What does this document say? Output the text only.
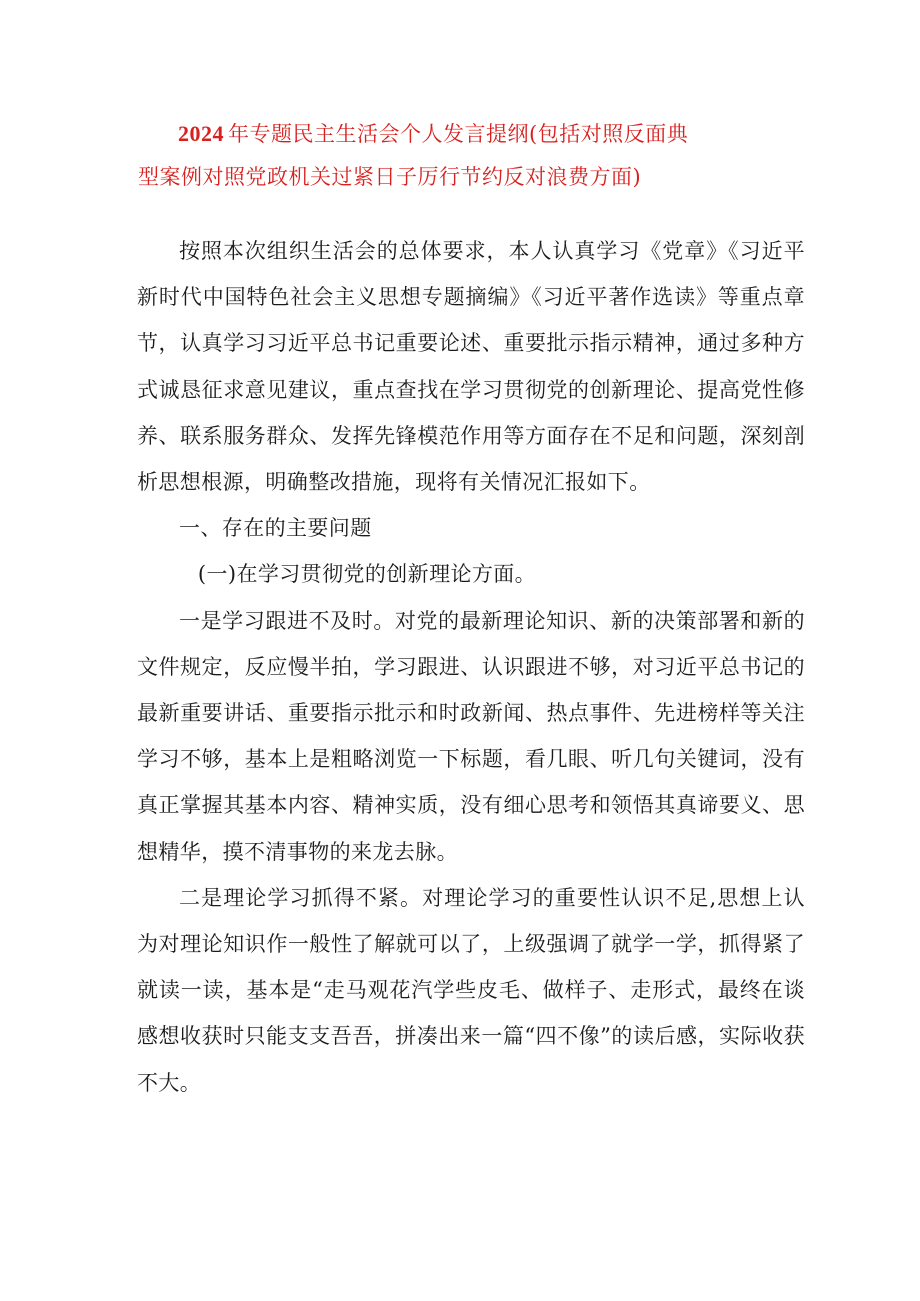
2024 年专题民主生活会个人发言提纲(包括对照反面典
型案例对照党政机关过紧日子厉行节约反对浪费方面)

按照本次组织生活会的总体要求，本人认真学习《党章》《习近平新时代中国特色社会主义思想专题摘编》《习近平著作选读》等重点章节，认真学习习近平总书记重要论述、重要批示指示精神，通过多种方式诚恳征求意见建议，重点查找在学习贯彻党的创新理论、提高党性修养、联系服务群众、发挥先锋模范作用等方面存在不足和问题，深刻剖析思想根源，明确整改措施，现将有关情况汇报如下。

一、存在的主要问题

(一)在学习贯彻党的创新理论方面。

一是学习跟进不及时。对党的最新理论知识、新的决策部署和新的文件规定，反应慢半拍，学习跟进、认识跟进不够，对习近平总书记的最新重要讲话、重要指示批示和时政新闻、热点事件、先进榜样等关注学习不够，基本上是粗略浏览一下标题，看几眼、听几句关键词，没有真正掌握其基本内容、精神实质，没有细心思考和领悟其真谛要义、思想精华，摸不清事物的来龙去脉。

二是理论学习抓得不紧。对理论学习的重要性认识不足,思想上认为对理论知识作一般性了解就可以了，上级强调了就学一学，抓得紧了就读一读，基本是“走马观花汽学些皮毛、做样子、走形式，最终在谈感想收获时只能支支吾吾，拼凑出来一篇“四不像”的读后感，实际收获不大。
